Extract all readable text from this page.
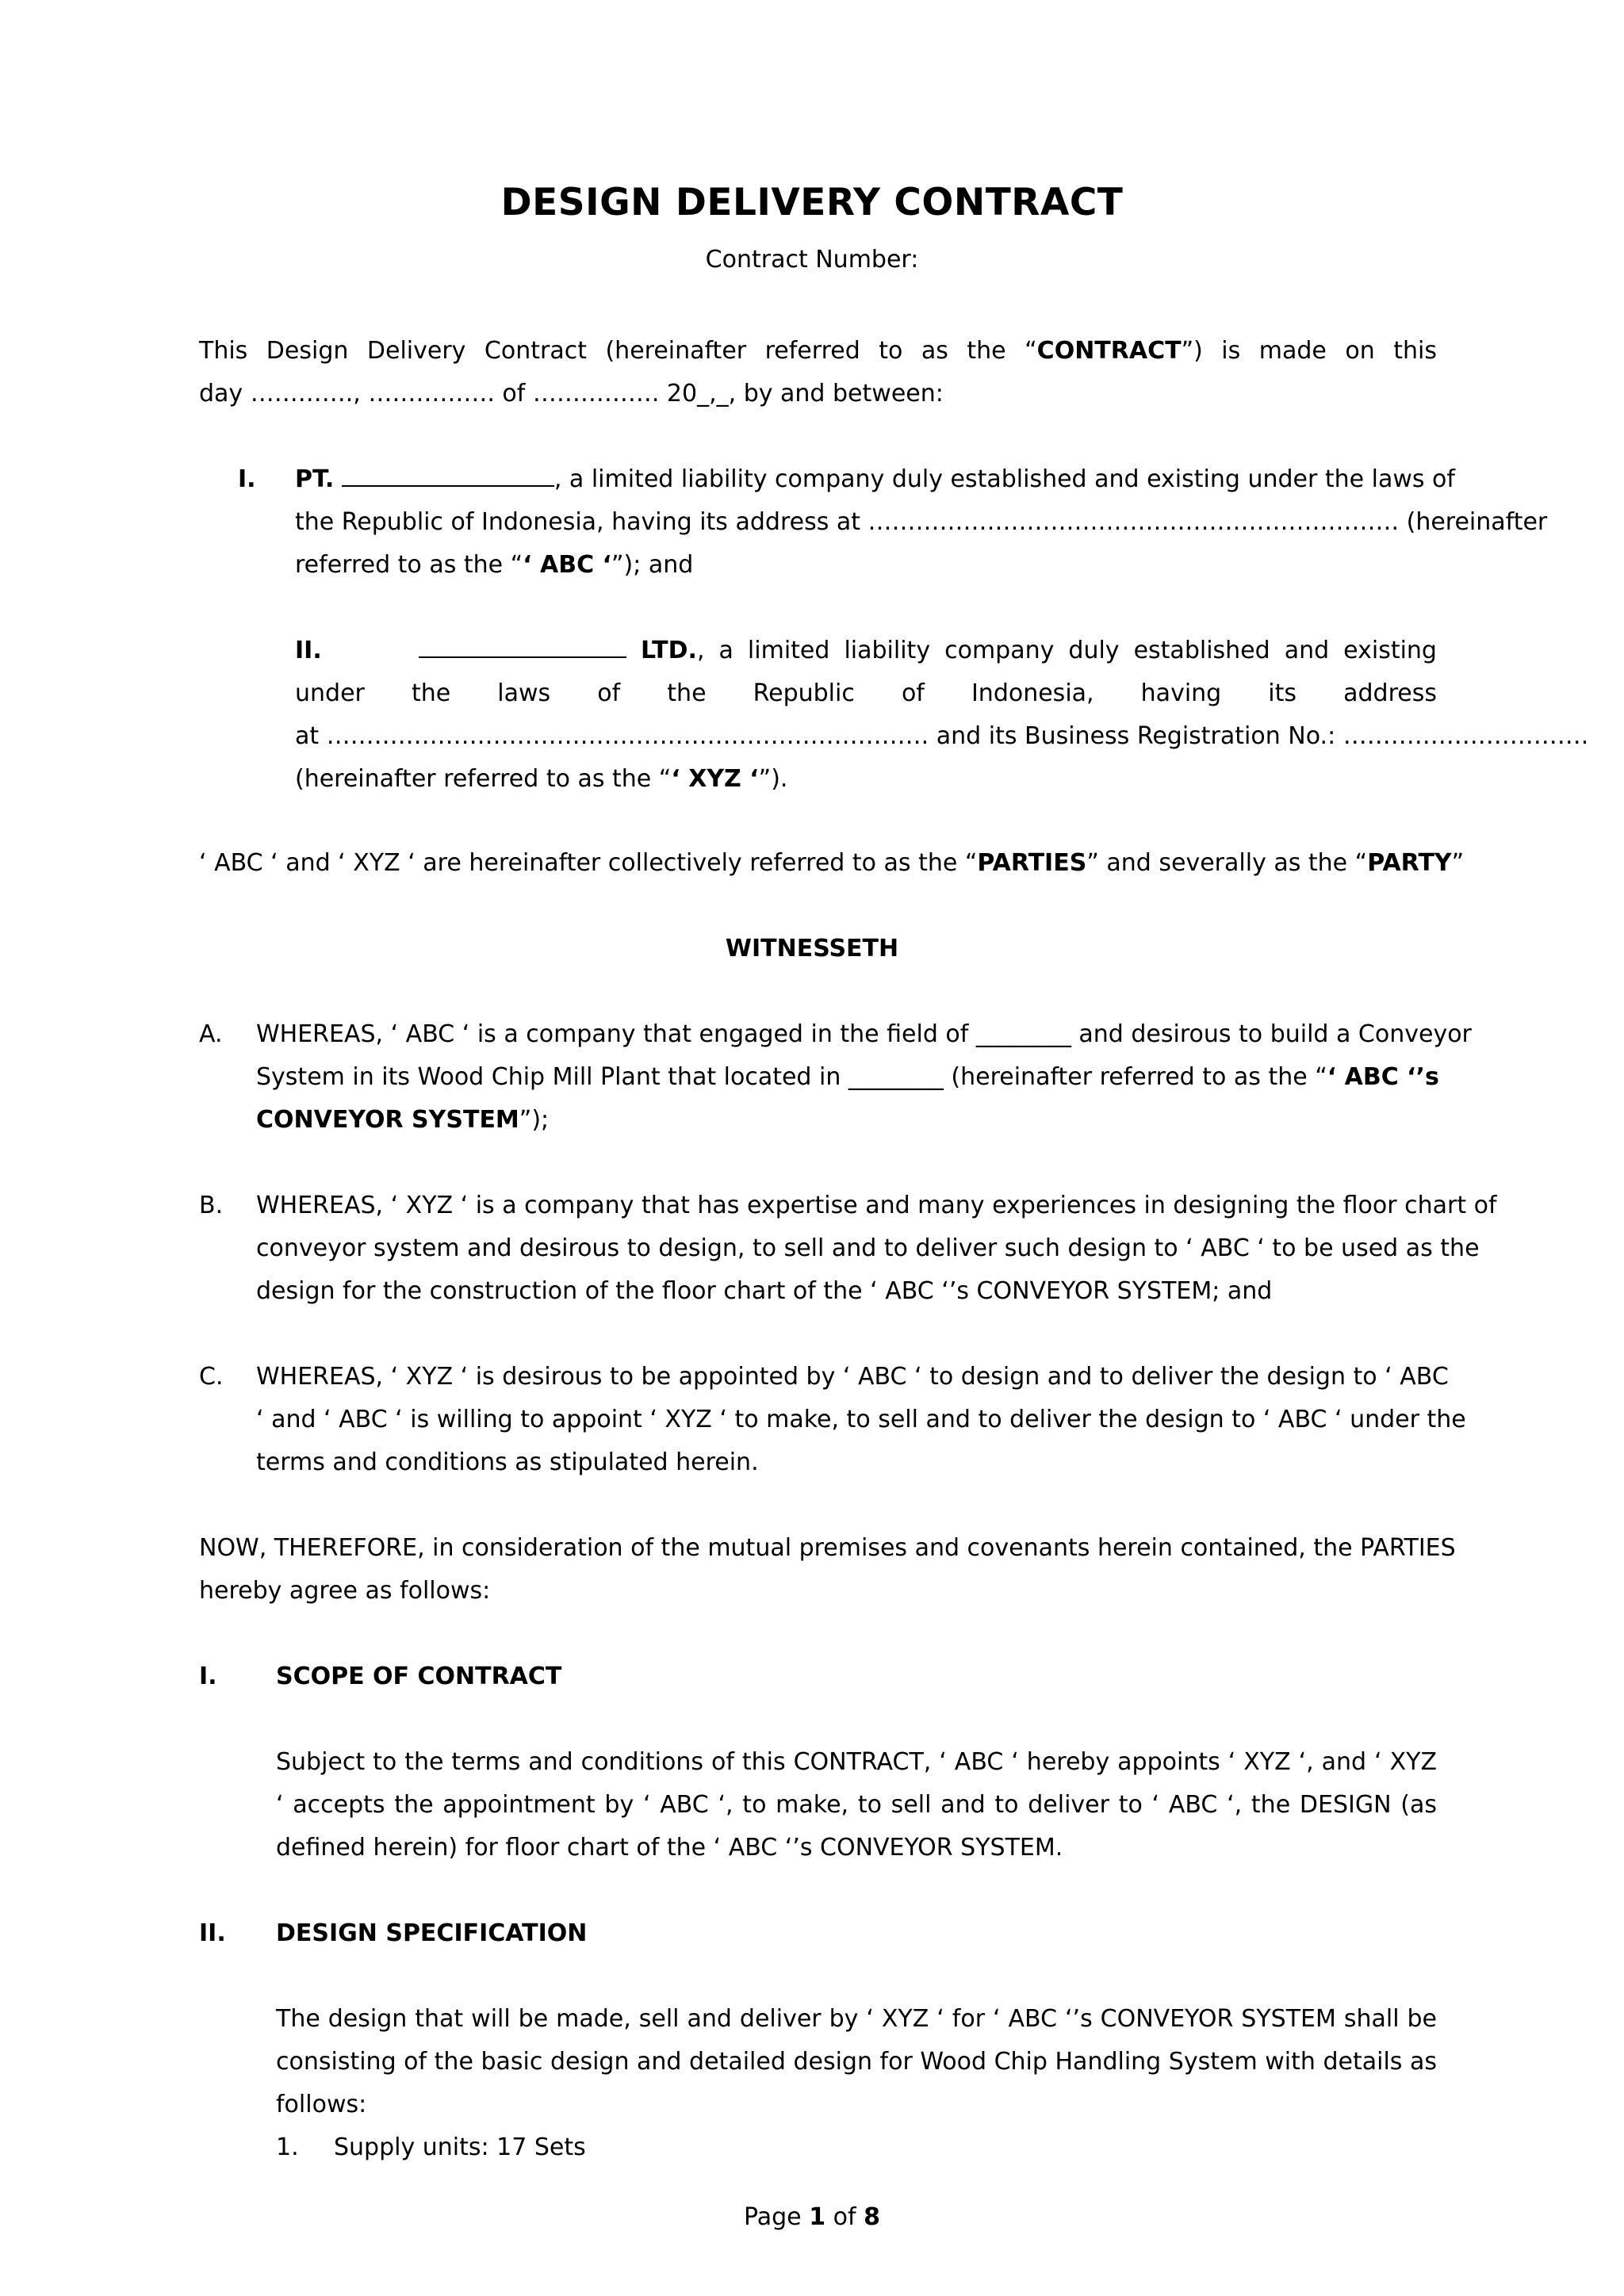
DESIGN DELIVERY CONTRACT
Contract Number:
This Design Delivery Contract (hereinafter referred to as the “CONTRACT”) is made on this
day …………., ……………. of ……………. 20_,_, by and between:
I. PT.	, a limited liability company duly established and existing under the laws of
the Republic of Indonesia, having its address at …………………………………………………………. (hereinafter
referred to as the “‘ ABC ‘”); and
II.	LTD., a limited liability company duly established and existing
under the laws of the Republic of Indonesia, having its address
at …………………………………………………………………. and its Business Registration No.: ………………………….
(hereinafter referred to as the “‘ XYZ ‘”).
‘ ABC ‘ and ‘ XYZ ‘ are hereinafter collectively referred to as the “PARTIES” and severally as the “PARTY”
WITNESSETH
A. WHEREAS, ‘ ABC ‘ is a company that engaged in the field of ________ and desirous to build a Conveyor
System in its Wood Chip Mill Plant that located in ________ (hereinafter referred to as the “‘ ABC ‘’s
CONVEYOR SYSTEM”);
B. WHEREAS, ‘ XYZ ‘ is a company that has expertise and many experiences in designing the floor chart of
conveyor system and desirous to design, to sell and to deliver such design to ‘ ABC ‘ to be used as the
design for the construction of the floor chart of the ‘ ABC ‘’s CONVEYOR SYSTEM; and
C. WHEREAS, ‘ XYZ ‘ is desirous to be appointed by ‘ ABC ‘ to design and to deliver the design to ‘ ABC
‘ and ‘ ABC ‘ is willing to appoint ‘ XYZ ‘ to make, to sell and to deliver the design to ‘ ABC ‘ under the
terms and conditions as stipulated herein.
NOW, THEREFORE, in consideration of the mutual premises and covenants herein contained, the PARTIES
hereby agree as follows:
I. SCOPE OF CONTRACT
Subject to the terms and conditions of this CONTRACT, ‘ ABC ‘ hereby appoints ‘ XYZ ‘, and ‘ XYZ
‘ accepts the appointment by ‘ ABC ‘, to make, to sell and to deliver to ‘ ABC ‘, the DESIGN (as
defined herein) for floor chart of the ‘ ABC ‘’s CONVEYOR SYSTEM.
II. DESIGN SPECIFICATION
The design that will be made, sell and deliver by ‘ XYZ ‘ for ‘ ABC ‘’s CONVEYOR SYSTEM shall be
consisting of the basic design and detailed design for Wood Chip Handling System with details as
follows:
1. Supply units: 17 Sets
Page 1 of 8
